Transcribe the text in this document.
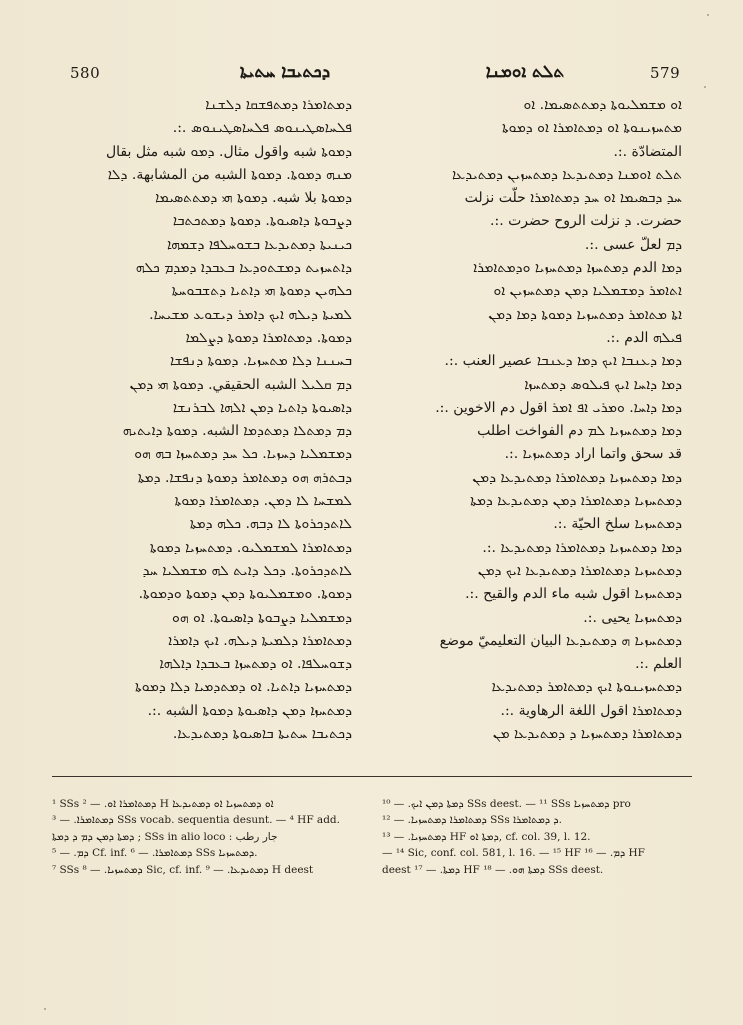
580	ܕܟܬܝܒܐ ܚܬܝܬܐ	ܬܠܬ ܐܘܡܢܐ	579
ܕܡܬܐܡܪܐ ܕܡܬܦܫܩܐ ܕܠܫܢܐ
ܦܠܚܐܣܛܝܢܘܣ ܦܠܚܐܣܛܝܢܘܣ .:.
ܕܡܘܬܐ شبه واقول مثال. ܕܡܘ شبه مثل بقال
ܡܢܗ ܕܡܘܬܐ. ܕܡܘܬܐ الشبه من المشابهة. ܕܠܐ
ܕܡܘܬܐ بلا شبه. ܕܡܘܬܐ ܗܝ ܕܡܬܬܣܝܡܐ
ܕܨܒܘܬܐ ܕܐܣܝܘܬܐ. ܕܡܘܬܐ ܕܡܬܟܬܒܐ
ܟܝܢܝܬܐ ܕܡܬܝܕܥܐ ܒܫܘܚܠܦܐ ܕܫܡܗܐ
ܕܐܬܚܙܝܬ ܕܡܫܬܘܕܥܐ ܒܥܒܕܐ ܕܡܕܡ ܟܠܗ
ܟܠܗܝܢ ܕܡܘܬܐ ܗܝ ܕܐܬܝܐ ܕܬܫܒܘܚܬܐ
ܠܡܝܬܐ ܕܝܠܗ ܐܝܟ ܕܐܡܪ ܕܝܫܘܥ ܡܫܝܚܐ.
ܕܡܘܬܐ. ܕܡܬܐܡܪܐ ܕܡܘܬܐ ܕܨܠܡܐ
ܒܚܢܢܐ ܕܠܐ ܡܬܚܙܝܐ. ܕܡܘܬܐ ܕܢܦܫܐ
ܕܡ ܩܠܝܠ الشبه الحقيقي. ܕܡܘܬܐ ܗܝ ܕܡܢ
ܕܐܣܝܘܬܐ ܕܐܬܝܐ ܕܡܢ ܐܠܗܐ ܠܒܪܢܫܐ
ܕܡ ܕܡܬܠܐ ܕܡܬܕܡܐ الشبه. ܕܡܘܬܐ ܕܐܝܬܝܗ
ܕܡܫܡܠܝܐ ܕܚܙܝܐ. ܟܠ ܚܕ ܕܡܬܚܙܐ ܒܗ ܗܘ
ܕܒܬܪܗ ܗܘ ܕܡܬܐܡܪ ܕܡܘܬܐ ܕܢܦܫܐ. ܕܡܬܐ
ܠܡܫܚܐ ܠܐ ܕܡܢ. ܕܡܬܐܡܪܐ ܕܡܘܬܐ
ܠܐܬܕܟܪܘܬܐ ܠܐ ܕܒܗ. ܟܠܗ ܕܡܬܐ
ܕܡܬܐܡܪܐ ܠܡܫܡܠܝܘ. ܕܡܬܚܙܝܐ ܕܡܘܬܐ
ܠܐܬܕܟܪܘܬܐ. ܕܟܠ ܕܐܝܬ ܠܗ ܡܫܡܠܝܐ ܚܕ
ܕܡܘܬܐ. ܘܡܫܡܠܝܘܬܐ ܕܡܢ ܕܡܘܬܐ ܘܕܡܘܬܐ.
ܕܡܫܡܠܝܐ ܕܨܒܘܬܐ ܕܐܣܝܘܬܐ. ܐܘ ܗܘ
ܕܡܬܐܡܪܐ ܕܠܡܝܬܐ ܕܝܠܗ. ܐܝܟ ܕܐܡܪܐ
ܕܫܘܚܠܦܐ. ܐܘ ܕܡܬܚܙܐ ܒܥܒܕܐ ܕܐܠܗܐ
ܕܡܬܚܙܝܐ ܕܐܬܝܐ. ܐܘ ܕܡܬܕܡܝܐ ܕܠܐ ܕܡܘܬܐ
ܕܡܬܚܙܐ ܕܡܢ ܕܐܣܝܘܬܐ ܕܡܘܬܐ الشبه .:.
ܕܟܬܝܒܐ ܚܬܝܬܐ ܒܐܣܝܘܬܐ ܕܡܬܝܕܥܐ.
ܐܘ ܡܫܡܠܝܘܬܐ ܕܡܬܬܣܝܡܐ. ܐܘ
ܡܬܚܙܝܢܘܬܐ ܐܘ ܕܡܬܐܡܪܐ ܐܘ ܕܡܘܬܐ
المتضادّة .:.
ܬܠܬ ܐܘܡܢܐ ܕܡܬܝܕܥܐ ܕܡܬܚܙܝܢ ܕܡܬܝܕܥܐ
ܚܕ ܕܒܣܝܡܐ ܐܘ ܚܕ ܕܡܬܐܡܪܐ حلّت نزلت
حضرت. ܕ نزلت الروح حضرت .:.
ܕܡ لعلّ عسى .:.
ܕܡܐ الدم ܕܡܬܚܙܐ ܕܡܬܚܙܝܐ ܘܕܡܬܐܡܪܐ
ܐܬܐܡܪ ܕܡܫܡܠܝܐ ܕܡܢ ܕܡܬܚܙܝܢ ܐܘ
ܐܬܐ ܡܬܐܡܪ ܕܡܬܚܙܝܐ ܕܡܘܬܐ ܕܡܐ ܕܡܢ
ܦܝܠܗ الدم .:.
ܕܡܐ ܕܥܢܒܐ ܐܝܟ ܕܡܐ ܕܥܢܒܐ عصير العنب .:.
ܕܡܐ ܕܐܚܐ ܐܝܟ ܦܝܠܘܣ ܕܡܬܚܙܐ
ܕܡܐ ܕܐܚܐ. ܘܡܪܝ ܐܦ ܐܡܪ اقول دم الاخوين .:.
ܕܡܐ ܕܡܬܚܙܝܐ ܠܡ دم الفواخت اطلب
قد سحق واتما اراد ܕܡܬܚܙܝܐ .:.
ܕܡܐ ܕܡܬܚܙܝܐ ܕܡܬܐܡܪܐ ܕܡܬܝܕܥܐ ܕܡܢ
ܕܡܬܚܙܝܐ ܕܡܬܐܡܪܐ ܕܡܢ ܕܡܬܝܕܥܐ ܕܡܬܐ
ܕܡܬܚܙܝܐ سلخ الحيّة .:.
ܕܡܐ ܕܡܬܚܙܝܐ ܕܡܬܐܡܪܐ ܕܡܬܝܕܥܐ .:.
ܕܡܬܚܙܝܐ ܕܡܬܐܡܪܐ ܕܡܬܝܕܥܐ ܐܝܟ ܕܡܢ
ܕܡܬܚܙܝܐ اقول شبه ماء الدم والقيح .:.
ܕܡܬܚܙܝܐ يحيى .:.
ܕܡܬܚܙܝܐ ܗ ܕܡܬܝܕܥܐ البيان التعليميّ موضع
العلم .:.
ܕܡܬܚܙܝܢܘܬܐ ܐܝܟ ܕܡܬܐܡܪ ܕܡܬܝܕܥܐ
ܕܡܬܐܡܪܐ اقول اللغة الرهاوية .:.
ܕܡܬܐܡܪܐ ܕܡܬܚܙܝܐ ܕ ܕܡܬܝܕܥܐ ܡܢ
¹ SSs ܕܡܬܐܡܪܐ ܐܘ. — ² H ܐܘ ܕܡܬܚܙܝܐ ܐܘ ܕܡܬܝܕܥܐ
ܕܡܬܐܡܪܐ. — ³ SSs vocab. sequentia desunt. — ⁴ HF add.
ܕܡܬܐ ܕܡܢ ܕܡ ܕ ܕܡܬܐ ; SSs in alio loco : جار رطب
ܕܡ. — ⁵ Cf. inf. ܕܡܬܐܡܪܐ. — ⁶ SSs ܕܡܬܚܙܝܐ.
⁷ SSs ܕܡܬܚܙܝܐ. — ⁸ Sic, cf. inf. ܕܡܬܝܕܥܐ. — ⁹ H deest
ܕܡܬܐ ܕܡܢ ܐܝܟ. — ¹⁰ SSs deest. — ¹¹ SSs ܕܡܬܚܙܝܐ pro
ܕܡܬܐܡܪܐ ܕܡܬܚܙܝܐ. — ¹² SSs ܕ ܕܡܬܐܡܪܐ.
ܕܡܬܚܙܝܐ. — ¹³ HF ܕܡܬܐ ܐܘ, cf. col. 39, l. 12.
— ¹⁴ Sic, conf. col. 581, l. 16. — ¹⁵ HF ܕܡ. — ¹⁶ HF
deest ܕܡܬܐ. — ¹⁷ HF ܕܡܬܐ ܗܘ. — ¹⁸ SSs deest.
